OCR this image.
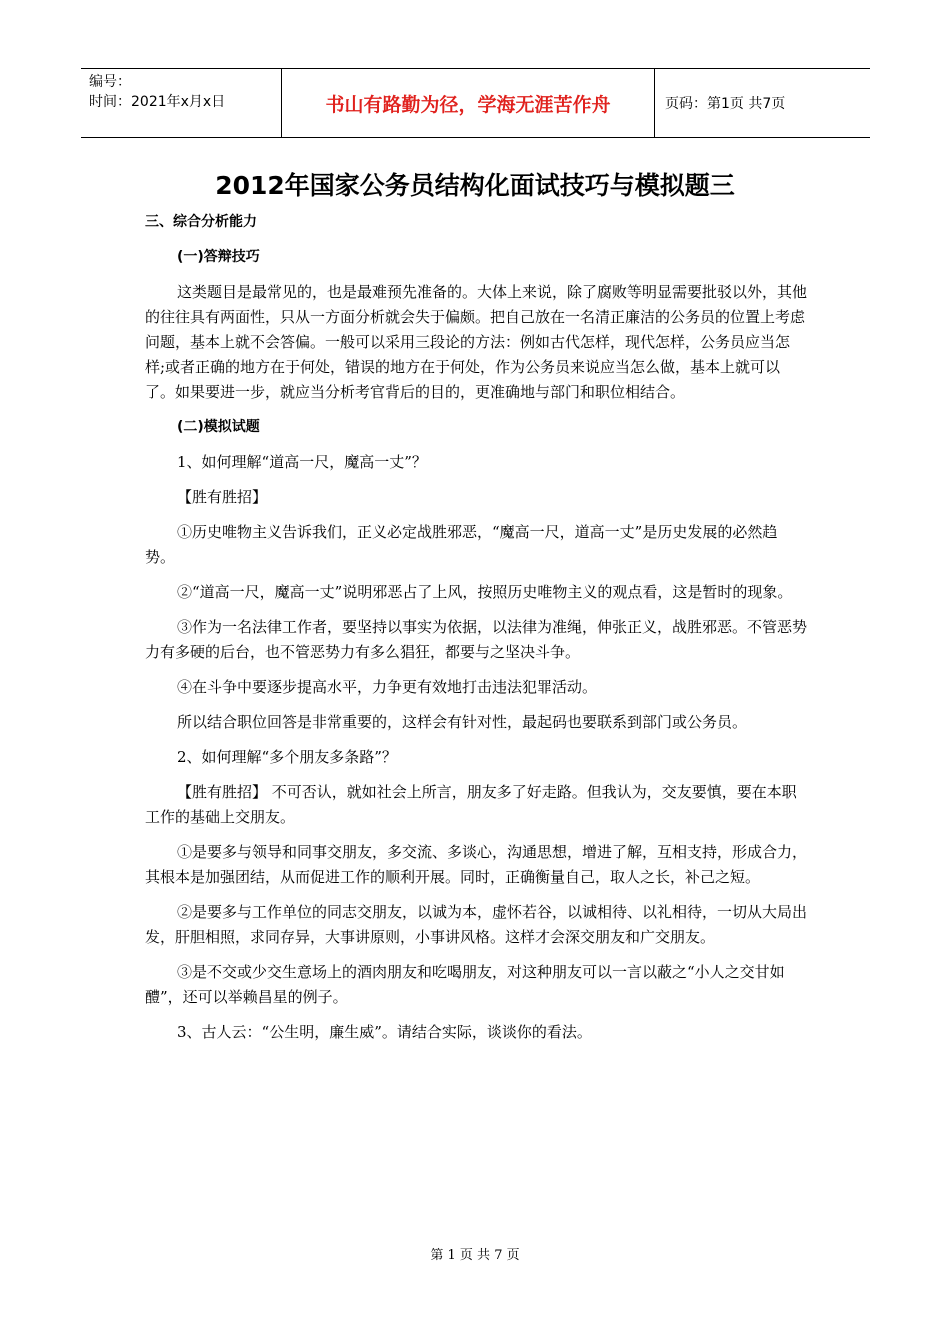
编号：
时间：2021年x月x日	书山有路勤为径，学海无涯苦作舟	页码：第1页 共7页
2012年国家公务员结构化面试技巧与模拟题三

三、综合分析能力

(一)答辩技巧

这类题目是最常见的，也是最难预先准备的。大体上来说，除了腐败等明显需要批驳以外，其他的往往具有两面性，只从一方面分析就会失于偏颇。把自己放在一名清正廉洁的公务员的位置上考虑问题，基本上就不会答偏。一般可以采用三段论的方法：例如古代怎样，现代怎样，公务员应当怎样;或者正确的地方在于何处，错误的地方在于何处，作为公务员来说应当怎么做，基本上就可以了。如果要进一步，就应当分析考官背后的目的，更准确地与部门和职位相结合。

(二)模拟试题

1、如何理解“道高一尺，魔高一丈”？

【胜有胜招】

①历史唯物主义告诉我们，正义必定战胜邪恶，“魔高一尺，道高一丈”是历史发展的必然趋势。

②“道高一尺，魔高一丈”说明邪恶占了上风，按照历史唯物主义的观点看，这是暂时的现象。

③作为一名法律工作者，要坚持以事实为依据，以法律为准绳，伸张正义，战胜邪恶。不管恶势力有多硬的后台，也不管恶势力有多么猖狂，都要与之坚决斗争。

④在斗争中要逐步提高水平，力争更有效地打击违法犯罪活动。

所以结合职位回答是非常重要的，这样会有针对性，最起码也要联系到部门或公务员。

2、如何理解“多个朋友多条路”？

【胜有胜招】 不可否认，就如社会上所言，朋友多了好走路。但我认为，交友要慎，要在本职工作的基础上交朋友。

①是要多与领导和同事交朋友，多交流、多谈心，沟通思想，增进了解，互相支持，形成合力，其根本是加强团结，从而促进工作的顺利开展。同时，正确衡量自己，取人之长，补己之短。

②是要多与工作单位的同志交朋友，以诚为本，虚怀若谷，以诚相待、以礼相待，一切从大局出发，肝胆相照，求同存异，大事讲原则，小事讲风格。这样才会深交朋友和广交朋友。

③是不交或少交生意场上的酒肉朋友和吃喝朋友，对这种朋友可以一言以蔽之“小人之交甘如醴”，还可以举赖昌星的例子。

3、古人云：“公生明，廉生威”。请结合实际，谈谈你的看法。

第 1 页 共 7 页
